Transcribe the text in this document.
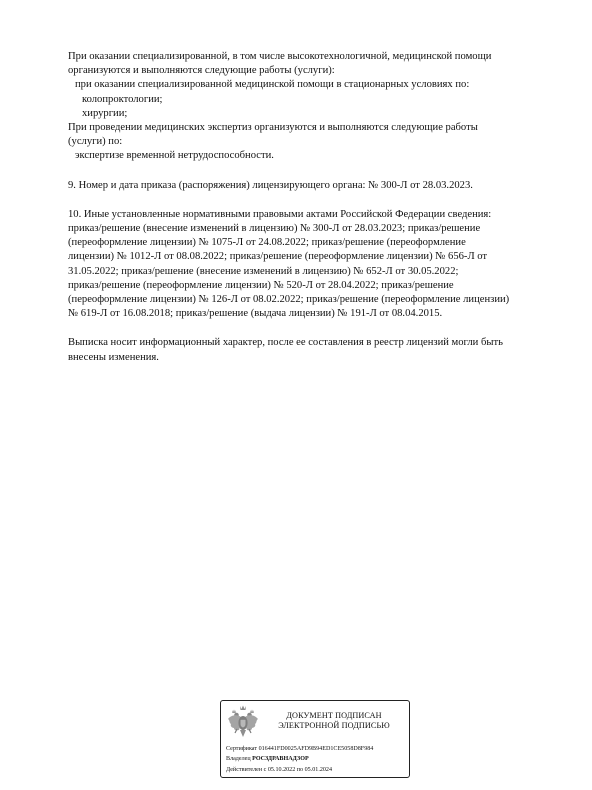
При оказании специализированной, в том числе высокотехнологичной, медицинской помощи

организуются и выполняются следующие работы (услуги):

при оказании специализированной медицинской помощи в стационарных условиях по:

колопроктологии;

хирургии;

При проведении медицинских экспертиз организуются и выполняются следующие работы

(услуги) по:

экспертизе временной нетрудоспособности.

9. Номер и дата приказа (распоряжения) лицензирующего органа: № 300-Л от 28.03.2023.

10. Иные установленные нормативными правовыми актами Российской Федерации сведения:

приказ/решение (внесение изменений в лицензию) № 300-Л от 28.03.2023; приказ/решение

(переоформление лицензии) № 1075-Л от 24.08.2022; приказ/решение (переоформление

лицензии) № 1012-Л от 08.08.2022; приказ/решение (переоформление лицензии) № 656-Л от

31.05.2022; приказ/решение (внесение изменений в лицензию) № 652-Л от 30.05.2022;

приказ/решение (переоформление лицензии) № 520-Л от 28.04.2022; приказ/решение

(переоформление лицензии) № 126-Л от 08.02.2022; приказ/решение (переоформление лицензии)

№ 619-Л от 16.08.2018; приказ/решение (выдача лицензии) № 191-Л от 08.04.2015.

Выписка носит информационный характер, после ее составления в реестр лицензий могли быть

внесены изменения.

ДОКУМЕНТ ПОДПИСАН
ЭЛЕКТРОННОЙ ПОДПИСЬЮ

Сертификат 016441FD0025AFD9B94ED1CE5058D8F984

Владелец РОСЗДРАВНАДЗОР

Действителен с 05.10.2022 по 05.01.2024
